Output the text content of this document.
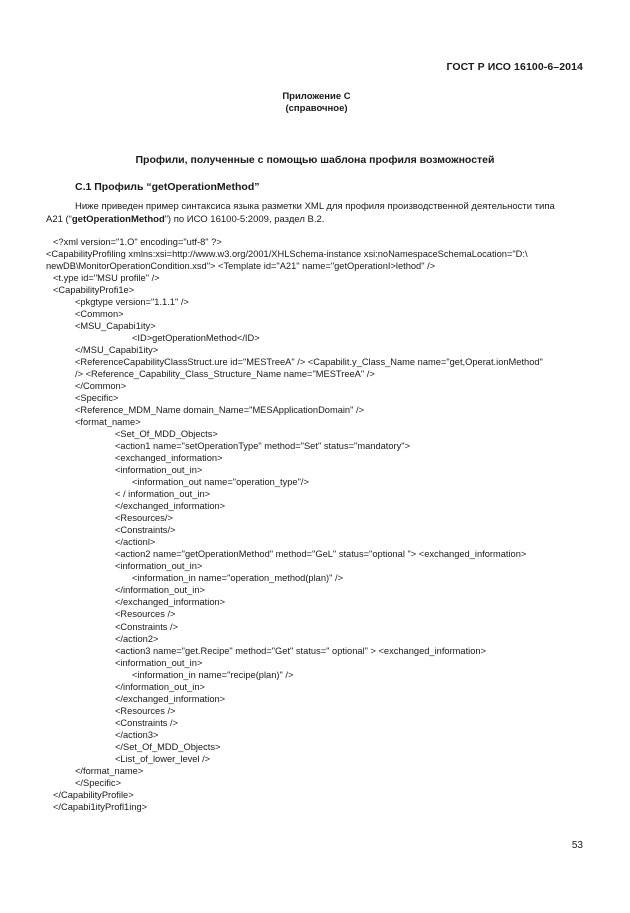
ГОСТ Р ИСО 16100-6–2014
Приложение С
(справочное)
Профили, полученные с помощью шаблона профиля возможностей
С.1 Профиль “getOperationMethod”
Ниже приведен пример синтаксиса языка разметки XML для профиля производственной деятельности типа
A21 (“getOperationMethod”) по ИСО 16100-5:2009, раздел В.2.
<?xml version="1.O" encoding="utf-8" ?>
<CapabilityProfiling xmlns:xsi=http://www.w3.org/2001/XHLSchema-instance xsi:noNamespaceSchemaLocation="D:\
newDB\MonitorOperationCondition.xsd"> <Template id="A21" name="getOperationI>lethod" />
<t.ype id="MSU profile" />
<CapabilityProfi1e>
<pkgtype version="1.1.1" />
<Common>
<MSU_Capabi1ity>
<ID>getOperationMethod</ID>
</MSU_Capabi1ity>
<ReferenceCapabilityClassStruct.ure id="MESTreeA" /> <Capabilit.y_Class_Name name="get,Operat.ionMethod"
/> <Reference_Capability_Class_Structure_Name name="MESTreeA" />
</Common>
<Specific>
<Reference_MDM_Name domain_Name="MESApplicationDomain" />
<format_name>
<Set_Of_MDD_Objects>
<action1 name="setOperationType" method="Set" status="mandatory">
<exchanged_information>
<information_out_in>
<information_out name="operation_type"/>
< / information_out_in>
</exchanged_information>
<Resources/>
<Constraints/>
</actionl>
<action2 name="getOperationMethod" method="GeL" status="optional "> <exchanged_information>
<information_out_in>
<information_in name="operation_method(plan)" />
</information_out_in>
</exchanged_information>
<Resources />
<Constraints />
</action2>
<action3 name="get.Recipe" method="Get" status=" optional" > <exchanged_information>
<information_out_in>
<information_in name="recipe(plan)" />
</information_out_in>
</exchanged_information>
<Resources />
<Constraints />
</action3>
</Set_Of_MDD_Objects>
<List_of_lower_level />
</format_name>
</Specific>
</CapabilityProfile>
</Capabi1ityProfl1ing>
53
